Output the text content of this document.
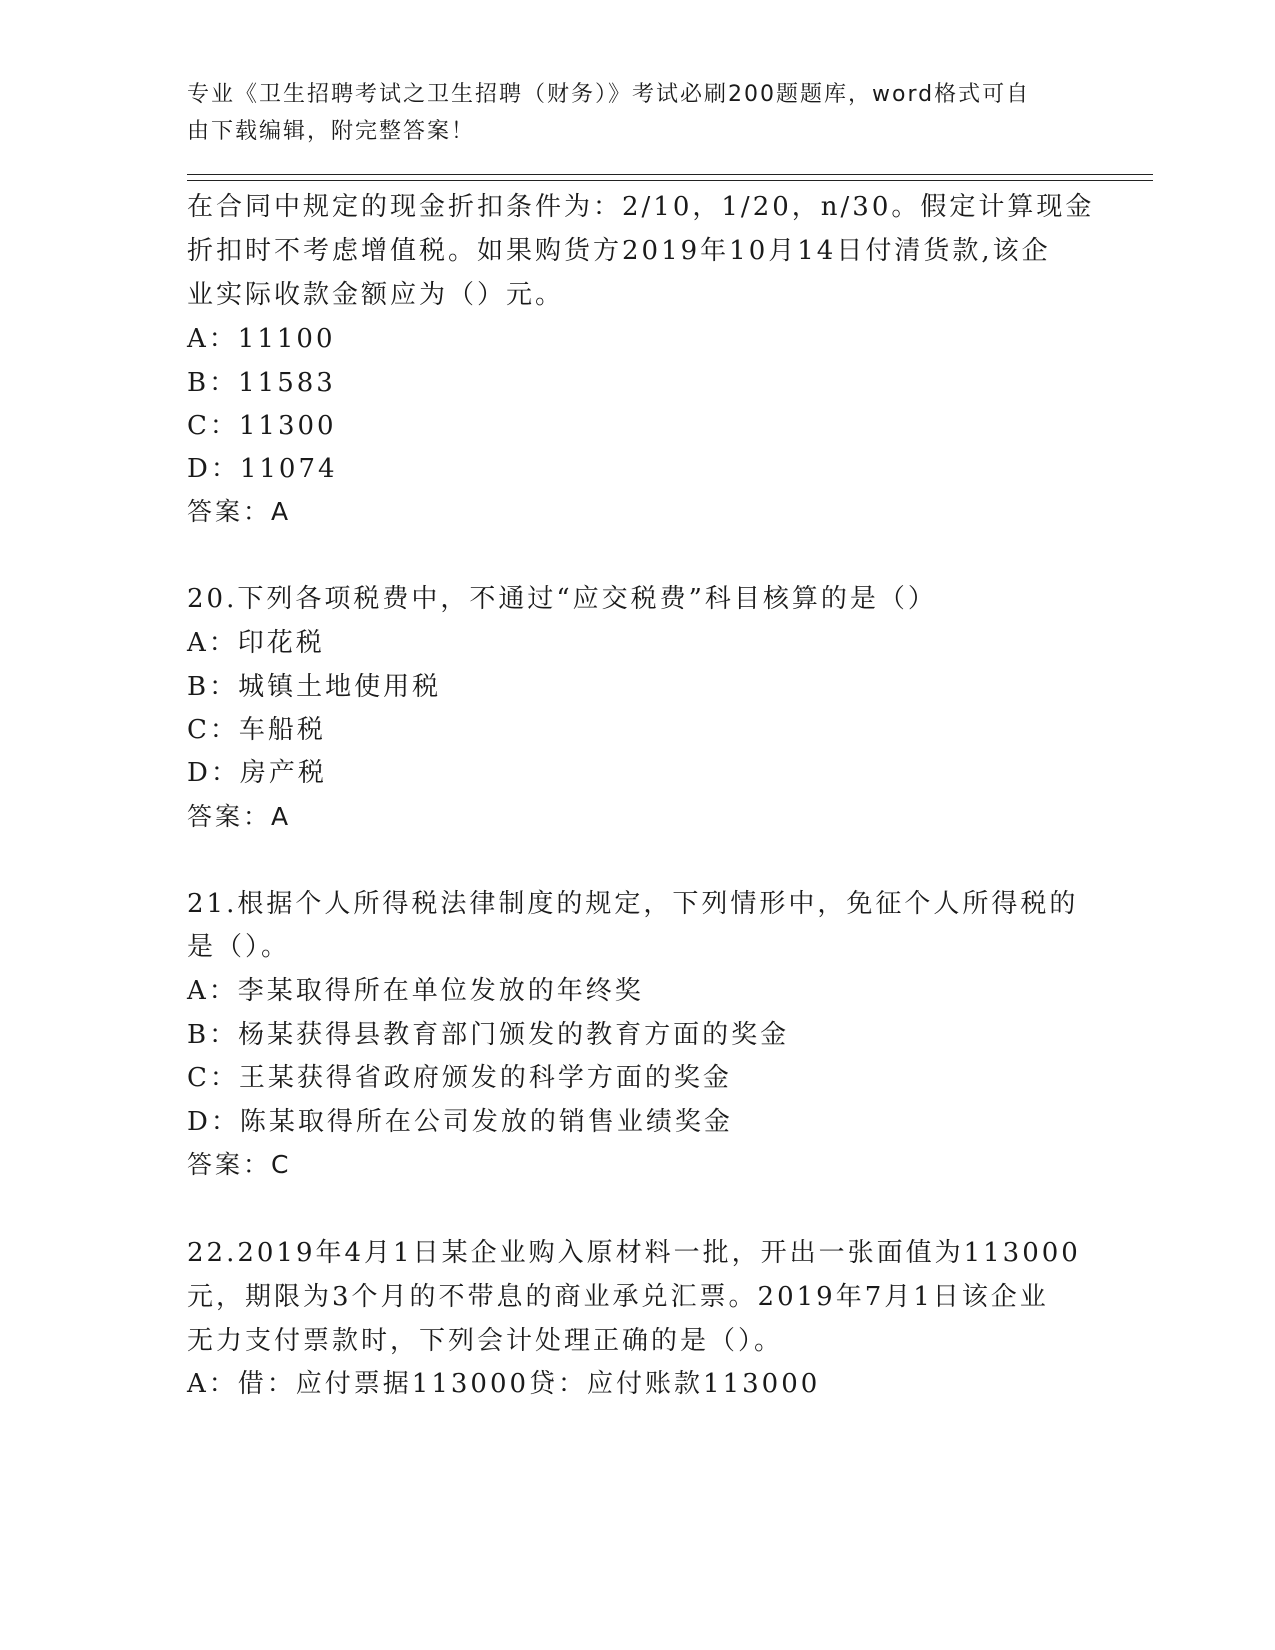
专业《卫生招聘考试之卫生招聘（财务）》考试必刷200题题库，word格式可自
由下载编辑，附完整答案！
在合同中规定的现金折扣条件为：2/10，1/20，n/30。假定计算现金
折扣时不考虑增值税。如果购货方2019年10月14日付清货款,该企
业实际收款金额应为（）元。
A：11100
B：11583
C：11300
D：11074
答案：A
20.下列各项税费中，不通过“应交税费”科目核算的是（）
A：印花税
B：城镇土地使用税
C：车船税
D：房产税
答案：A
21.根据个人所得税法律制度的规定，下列情形中，免征个人所得税的
是（）。
A：李某取得所在单位发放的年终奖
B：杨某获得县教育部门颁发的教育方面的奖金
C：王某获得省政府颁发的科学方面的奖金
D：陈某取得所在公司发放的销售业绩奖金
答案：C
22.2019年4月1日某企业购入原材料一批，开出一张面值为113000
元，期限为3个月的不带息的商业承兑汇票。2019年7月1日该企业
无力支付票款时，下列会计处理正确的是（）。
A：借：应付票据113000贷：应付账款113000
